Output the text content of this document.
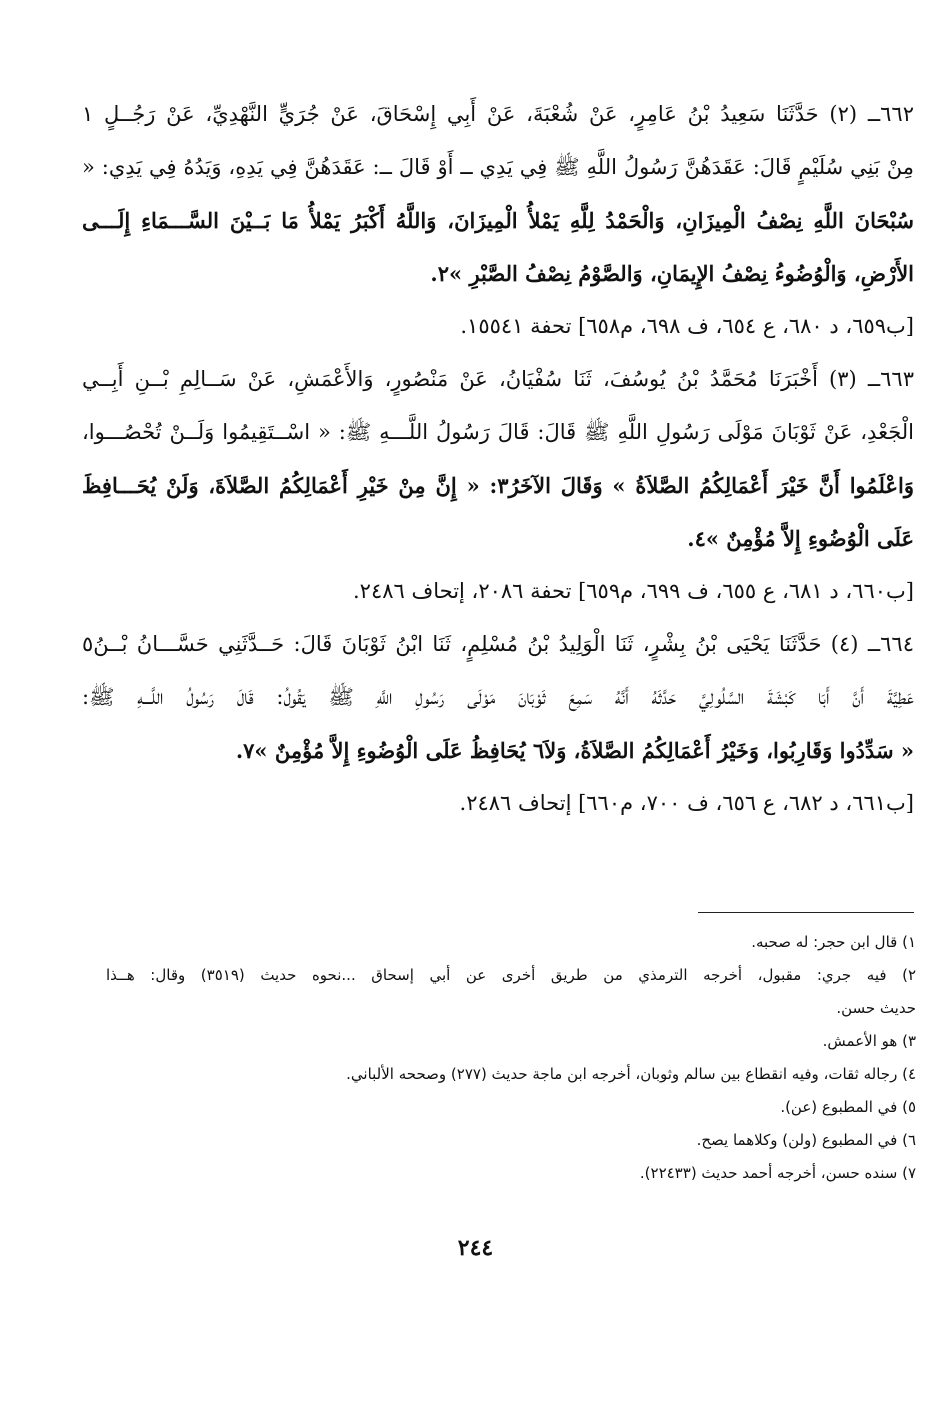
٦٦٢ــ (٢) حَدَّثَنَا سَعِيدُ بْنُ عَامِرٍ، عَنْ شُعْبَةَ، عَنْ أَبِي إِسْحَاقَ، عَنْ جُرَيٍّ النَّهْدِيِّ، عَنْ رَجُــلٍ ١
مِنْ بَنِي سُلَيْمٍ قَالَ: عَقَدَهُنَّ رَسُولُ اللَّهِ ﷺ فِي يَدِي ــ أَوْ قَالَ ــ: عَقَدَهُنَّ فِي يَدِهِ، وَيَدُهُ فِي يَدِي: «
سُبْحَانَ اللَّهِ نِصْفُ الْمِيزَانِ، وَالْحَمْدُ لِلَّهِ يَمْلأُ الْمِيزَانَ، وَاللَّهُ أَكْبَرُ يَمْلأُ مَا بَــيْنَ السَّـــمَاءِ إِلَـــى
الأَرْضِ، وَالْوُضُوءُ نِصْفُ الإِيمَانِ، وَالصَّوْمُ نِصْفُ الصَّبْرِ »٢.
[ب٦٥٩، د ٦٨٠، ع ٦٥٤، ف ٦٩٨، م٦٥٨] تحفة ١٥٥٤١.
٦٦٣ــ (٣) أَخْبَرَنَا مُحَمَّدُ بْنُ يُوسُفَ، ثَنَا سُفْيَانُ، عَنْ مَنْصُورٍ، وَالأَعْمَشِ، عَنْ سَــالِمِ بْــنِ أَبِــي
الْجَعْدِ، عَنْ ثَوْبَانَ مَوْلَى رَسُولِ اللَّهِ ﷺ قَالَ: قَالَ رَسُولُ اللَّـــهِ ﷺ: « اسْــتَقِيمُوا وَلَــنْ تُحْصُـــوا،
وَاعْلَمُوا أَنَّ خَيْرَ أَعْمَالِكُمُ الصَّلاَةُ » وَقَالَ الآخَرُ٣: « إِنَّ مِنْ خَيْرِ أَعْمَالِكُمُ الصَّلاَةَ، وَلَنْ يُحَـــافِظَ
عَلَى الْوُضُوءِ إِلاَّ مُؤْمِنٌ »٤.
[ب٦٦٠، د ٦٨١، ع ٦٥٥، ف ٦٩٩، م٦٥٩] تحفة ٢٠٨٦، إتحاف ٢٤٨٦.
٦٦٤ــ (٤) حَدَّثَنَا يَحْيَى بْنُ بِشْرٍ، ثَنَا الْوَلِيدُ بْنُ مُسْلِمٍ، ثَنَا ابْنُ ثَوْبَانَ قَالَ: حَــدَّثَنِي حَسَّـــانُ بْــنُ٥
عَطِيَّةَ أَنَّ أَبَا كَبْشَةَ السَّلُولِيَّ حَدَّثَهُ أَنَّهُ سَمِعَ ثَوْبَانَ مَوْلَى رَسُولِ اللَّهِ ﷺ يَقُولُ: قَالَ رَسُولُ اللَّـــهِ ﷺ:
« سَدِّدُوا وَقَارِبُوا، وَخَيْرُ أَعْمَالِكُمُ الصَّلاَةُ، وَلاَ٦ يُحَافِظُ عَلَى الْوُضُوءِ إِلاَّ مُؤْمِنٌ »٧.
[ب٦٦١، د ٦٨٢، ع ٦٥٦، ف ٧٠٠، م٦٦٠] إتحاف ٢٤٨٦.
١) قال ابن حجر: له صحبه.
٢) فيه جري: مقبول، أخرجه الترمذي من طريق أخرى عن أبي إسحاق ...نحوه حديث (٣٥١٩) وقال: هــذا
حديث حسن.
٣) هو الأعمش.
٤) رجاله ثقات، وفيه انقطاع بين سالم وثوبان، أخرجه ابن ماجة حديث (٢٧٧) وصححه الألباني.
٥) في المطبوع (عن).
٦) في المطبوع (ولن) وكلاهما يصح.
٧) سنده حسن، أخرجه أحمد حديث (٢٢٤٣٣).
٢٤٤
